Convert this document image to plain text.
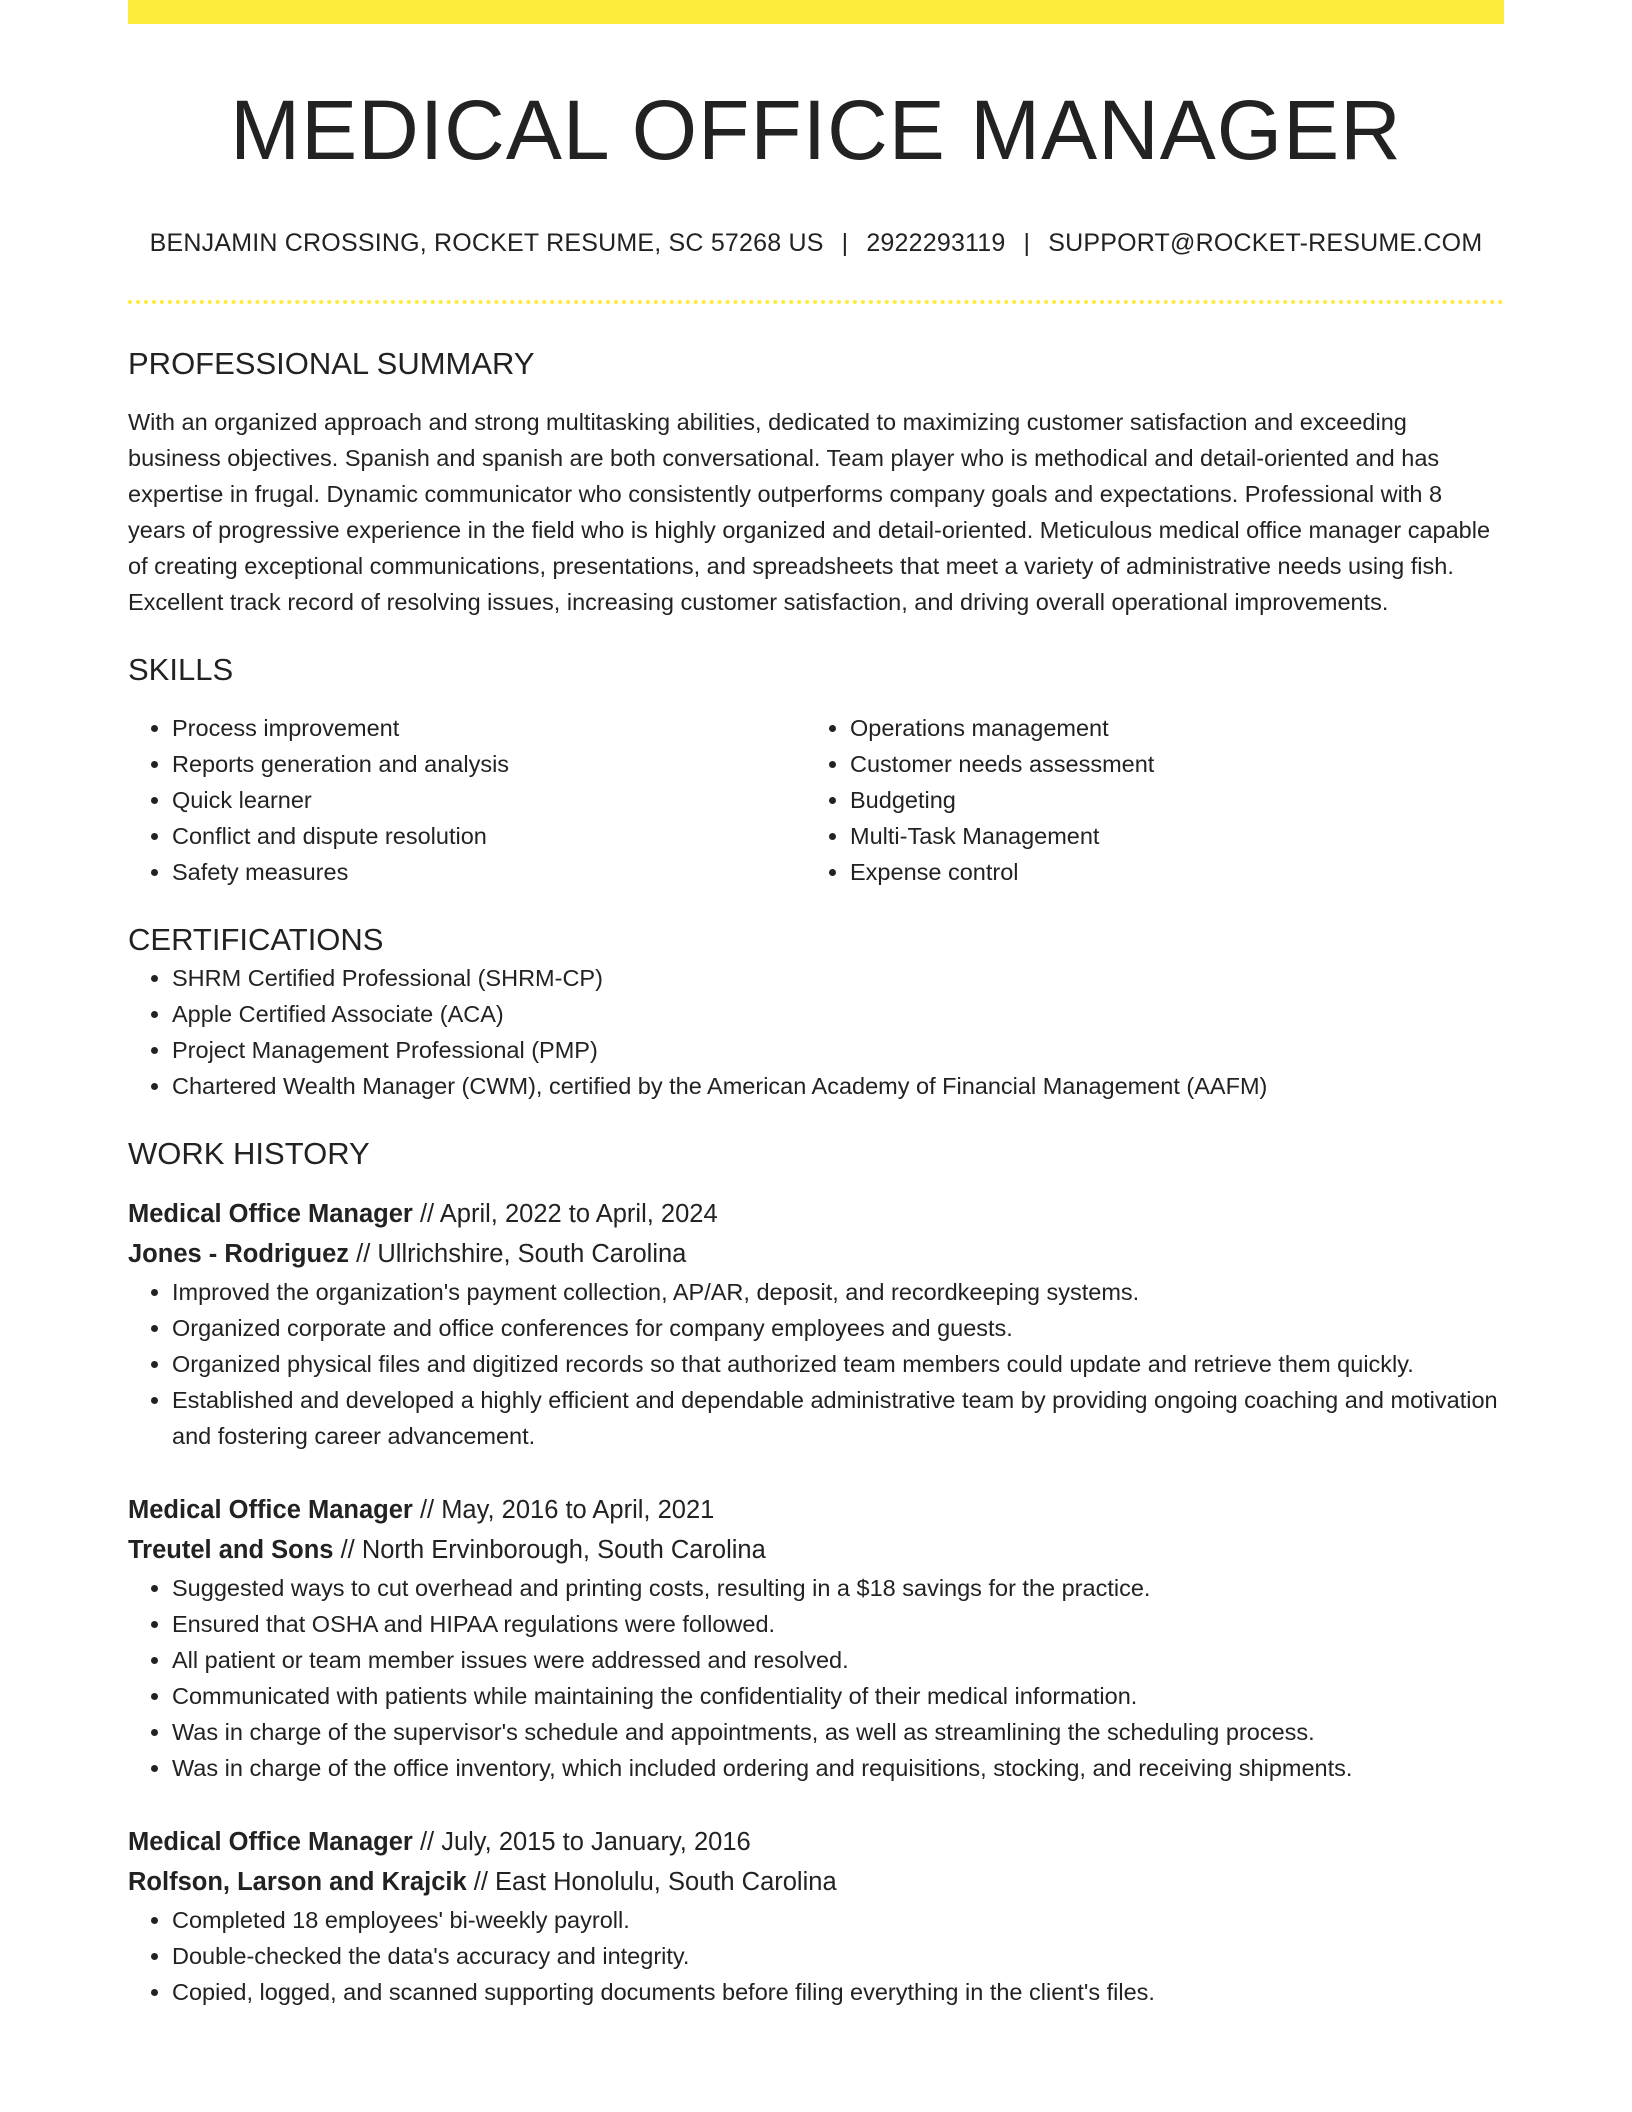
MEDICAL OFFICE MANAGER
BENJAMIN CROSSING, ROCKET RESUME, SC 57268 US | 2922293119 | SUPPORT@ROCKET-RESUME.COM
PROFESSIONAL SUMMARY

With an organized approach and strong multitasking abilities, dedicated to maximizing customer satisfaction and exceeding business objectives. Spanish and spanish are both conversational. Team player who is methodical and detail-oriented and has expertise in frugal. Dynamic communicator who consistently outperforms company goals and expectations. Professional with 8 years of progressive experience in the field who is highly organized and detail-oriented. Meticulous medical office manager capable of creating exceptional communications, presentations, and spreadsheets that meet a variety of administrative needs using fish. Excellent track record of resolving issues, increasing customer satisfaction, and driving overall operational improvements.

SKILLS
• Process improvement
• Reports generation and analysis
• Quick learner
• Conflict and dispute resolution
• Safety measures
• Operations management
• Customer needs assessment
• Budgeting
• Multi-Task Management
• Expense control
CERTIFICATIONS
• SHRM Certified Professional (SHRM-CP)
• Apple Certified Associate (ACA)
• Project Management Professional (PMP)
• Chartered Wealth Manager (CWM), certified by the American Academy of Financial Management (AAFM)
WORK HISTORY
Medical Office Manager // April, 2022 to April, 2024
Jones - Rodriguez // Ullrichshire, South Carolina
• Improved the organization's payment collection, AP/AR, deposit, and recordkeeping systems.
• Organized corporate and office conferences for company employees and guests.
• Organized physical files and digitized records so that authorized team members could update and retrieve them quickly.
• Established and developed a highly efficient and dependable administrative team by providing ongoing coaching and motivation and fostering career advancement.
Medical Office Manager // May, 2016 to April, 2021
Treutel and Sons // North Ervinborough, South Carolina
• Suggested ways to cut overhead and printing costs, resulting in a $18 savings for the practice.
• Ensured that OSHA and HIPAA regulations were followed.
• All patient or team member issues were addressed and resolved.
• Communicated with patients while maintaining the confidentiality of their medical information.
• Was in charge of the supervisor's schedule and appointments, as well as streamlining the scheduling process.
• Was in charge of the office inventory, which included ordering and requisitions, stocking, and receiving shipments.
Medical Office Manager // July, 2015 to January, 2016
Rolfson, Larson and Krajcik // East Honolulu, South Carolina
• Completed 18 employees' bi-weekly payroll.
• Double-checked the data's accuracy and integrity.
• Copied, logged, and scanned supporting documents before filing everything in the client's files.
